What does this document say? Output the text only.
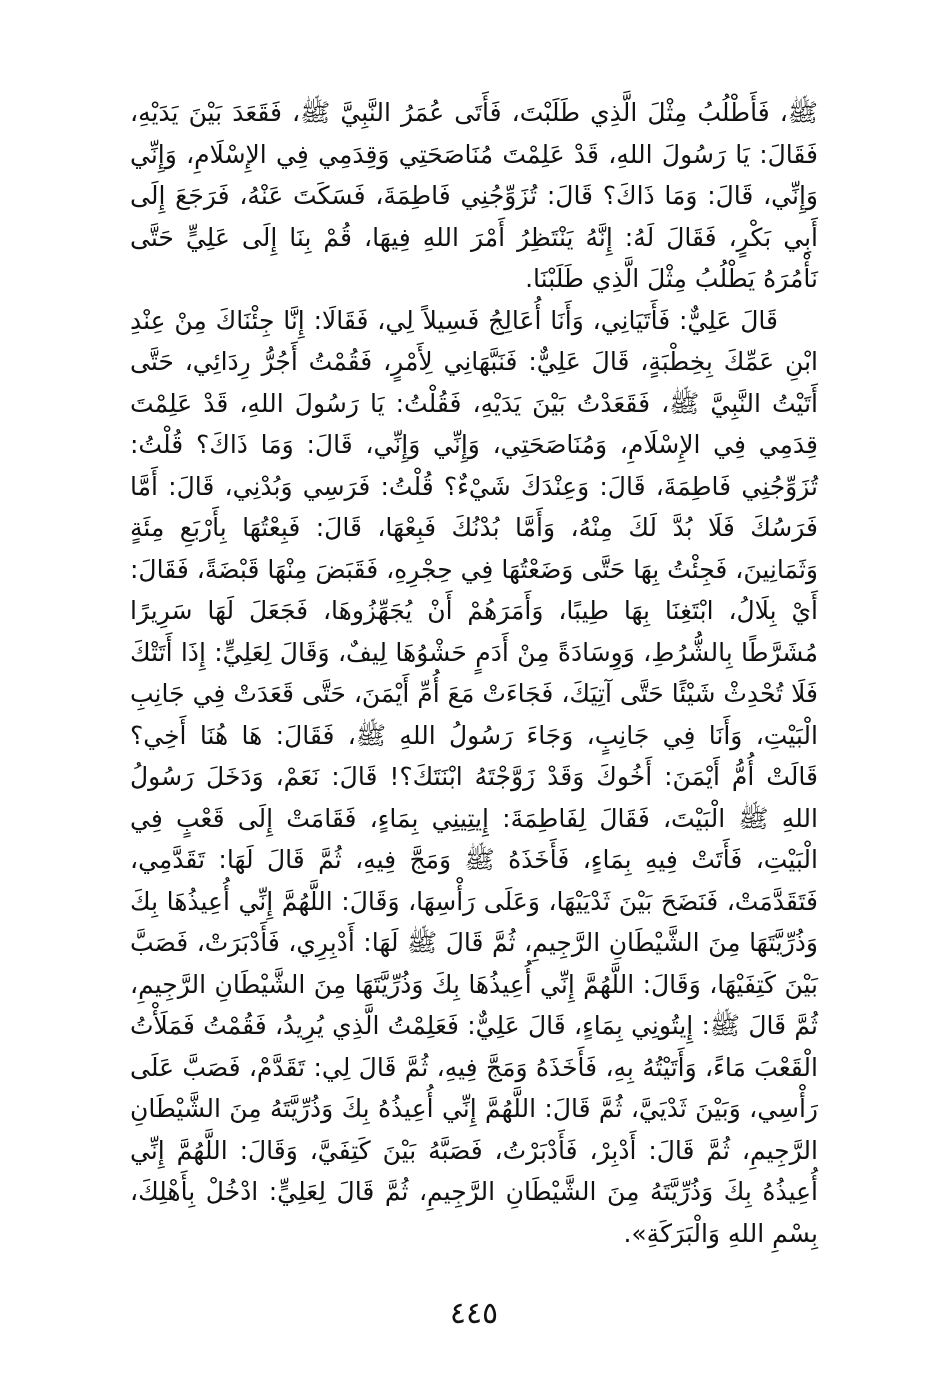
ﷺ، فَأَطْلُبُ مِثْلَ الَّذِي طَلَبْتَ، فَأَتَى عُمَرُ النَّبِيَّ ﷺ، فَقَعَدَ بَيْنَ يَدَيْهِ، فَقَالَ: يَا رَسُولَ اللهِ، قَدْ عَلِمْتَ مُنَاصَحَتِي وَقِدَمِي فِي الإِسْلَامِ، وَإِنِّي وَإِنِّي، قَالَ: وَمَا ذَاكَ؟ قَالَ: تُزَوِّجُنِي فَاطِمَةَ، فَسَكَتَ عَنْهُ، فَرَجَعَ إِلَى أَبِي بَكْرٍ، فَقَالَ لَهُ: إِنَّهُ يَنْتَظِرُ أَمْرَ اللهِ فِيهَا، قُمْ بِنَا إِلَى عَلِيٍّ حَتَّى نَأْمُرَهُ يَطْلُبُ مِثْلَ الَّذِي طَلَبْنَا.

قَالَ عَلِيٌّ: فَأَتَيَانِي، وَأَنَا أُعَالِجُ فَسِيلاً لِي، فَقَالَا: إِنَّا جِئْنَاكَ مِنْ عِنْدِ ابْنِ عَمِّكَ بِخِطْبَةٍ، قَالَ عَلِيٌّ: فَنَبَّهَانِي لِأَمْرٍ، فَقُمْتُ أَجُرُّ رِدَائِي، حَتَّى أَتَيْتُ النَّبِيَّ ﷺ، فَقَعَدْتُ بَيْنَ يَدَيْهِ، فَقُلْتُ: يَا رَسُولَ اللهِ، قَدْ عَلِمْتَ قِدَمِي فِي الإِسْلَامِ، وَمُنَاصَحَتِي، وَإِنِّي وَإِنِّي، قَالَ: وَمَا ذَاكَ؟ قُلْتُ: تُزَوِّجُنِي فَاطِمَةَ، قَالَ: وَعِنْدَكَ شَيْءٌ؟ قُلْتُ: فَرَسِي وَبُدْنِي، قَالَ: أَمَّا فَرَسُكَ فَلَا بُدَّ لَكَ مِنْهُ، وَأَمَّا بُدْنُكَ فَبِعْهَا، قَالَ: فَبِعْتُهَا بِأَرْبَعِ مِئَةٍ وَثَمَانِينَ، فَجِئْتُ بِهَا حَتَّى وَضَعْتُهَا فِي حِجْرِهِ، فَقَبَضَ مِنْهَا قَبْضَةً، فَقَالَ: أَيْ بِلَالُ، ابْتَغِنَا بِهَا طِيبًا، وَأَمَرَهُمْ أَنْ يُجَهِّزُوهَا، فَجَعَلَ لَهَا سَرِيرًا مُشَرَّطًا بِالشُّرُطِ، وَوِسَادَةً مِنْ أَدَمٍ حَشْوُهَا لِيفٌ، وَقَالَ لِعَلِيٍّ: إِذَا أَتَتْكَ فَلَا تُحْدِثْ شَيْئًا حَتَّى آتِيَكَ، فَجَاءَتْ مَعَ أُمِّ أَيْمَنَ، حَتَّى قَعَدَتْ فِي جَانِبِ الْبَيْتِ، وَأَنَا فِي جَانِبٍ، وَجَاءَ رَسُولُ اللهِ ﷺ، فَقَالَ: هَا هُنَا أَخِي؟ قَالَتْ أُمُّ أَيْمَنَ: أَخُوكَ وَقَدْ زَوَّجْتَهُ ابْنَتَكَ؟! قَالَ: نَعَمْ، وَدَخَلَ رَسُولُ اللهِ ﷺ الْبَيْتَ، فَقَالَ لِفَاطِمَةَ: إِيتِينِي بِمَاءٍ، فَقَامَتْ إِلَى قَعْبٍ فِي الْبَيْتِ، فَأَتَتْ فِيهِ بِمَاءٍ، فَأَخَذَهُ ﷺ وَمَجَّ فِيهِ، ثُمَّ قَالَ لَهَا: تَقَدَّمِي، فَتَقَدَّمَتْ، فَنَضَحَ بَيْنَ ثَدْيَيْهَا، وَعَلَى رَأْسِهَا، وَقَالَ: اللَّهُمَّ إِنِّي أُعِيذُهَا بِكَ وَذُرِّيَّتَهَا مِنَ الشَّيْطَانِ الرَّجِيمِ، ثُمَّ قَالَ ﷺ لَهَا: أَدْبِرِي، فَأَدْبَرَتْ، فَصَبَّ بَيْنَ كَتِفَيْهَا، وَقَالَ: اللَّهُمَّ إِنِّي أُعِيذُهَا بِكَ وَذُرِّيَّتَهَا مِنَ الشَّيْطَانِ الرَّجِيمِ، ثُمَّ قَالَ ﷺ: إِيتُونِي بِمَاءٍ، قَالَ عَلِيٌّ: فَعَلِمْتُ الَّذِي يُرِيدُ، فَقُمْتُ فَمَلَأْتُ الْقَعْبَ مَاءً، وَأَتَيْتُهُ بِهِ، فَأَخَذَهُ وَمَجَّ فِيهِ، ثُمَّ قَالَ لِي: تَقَدَّمْ، فَصَبَّ عَلَى رَأْسِي، وَبَيْنَ ثَدْيَيَّ، ثُمَّ قَالَ: اللَّهُمَّ إِنِّي أُعِيذُهُ بِكَ وَذُرِّيَّتَهُ مِنَ الشَّيْطَانِ الرَّجِيمِ، ثُمَّ قَالَ: أَدْبِرْ، فَأَدْبَرْتُ، فَصَبَّهُ بَيْنَ كَتِفَيَّ، وَقَالَ: اللَّهُمَّ إِنِّي أُعِيذُهُ بِكَ وَذُرِّيَّتَهُ مِنَ الشَّيْطَانِ الرَّجِيمِ، ثُمَّ قَالَ لِعَلِيٍّ: ادْخُلْ بِأَهْلِكَ، بِسْمِ اللهِ وَالْبَرَكَةِ».

٤٤٥
